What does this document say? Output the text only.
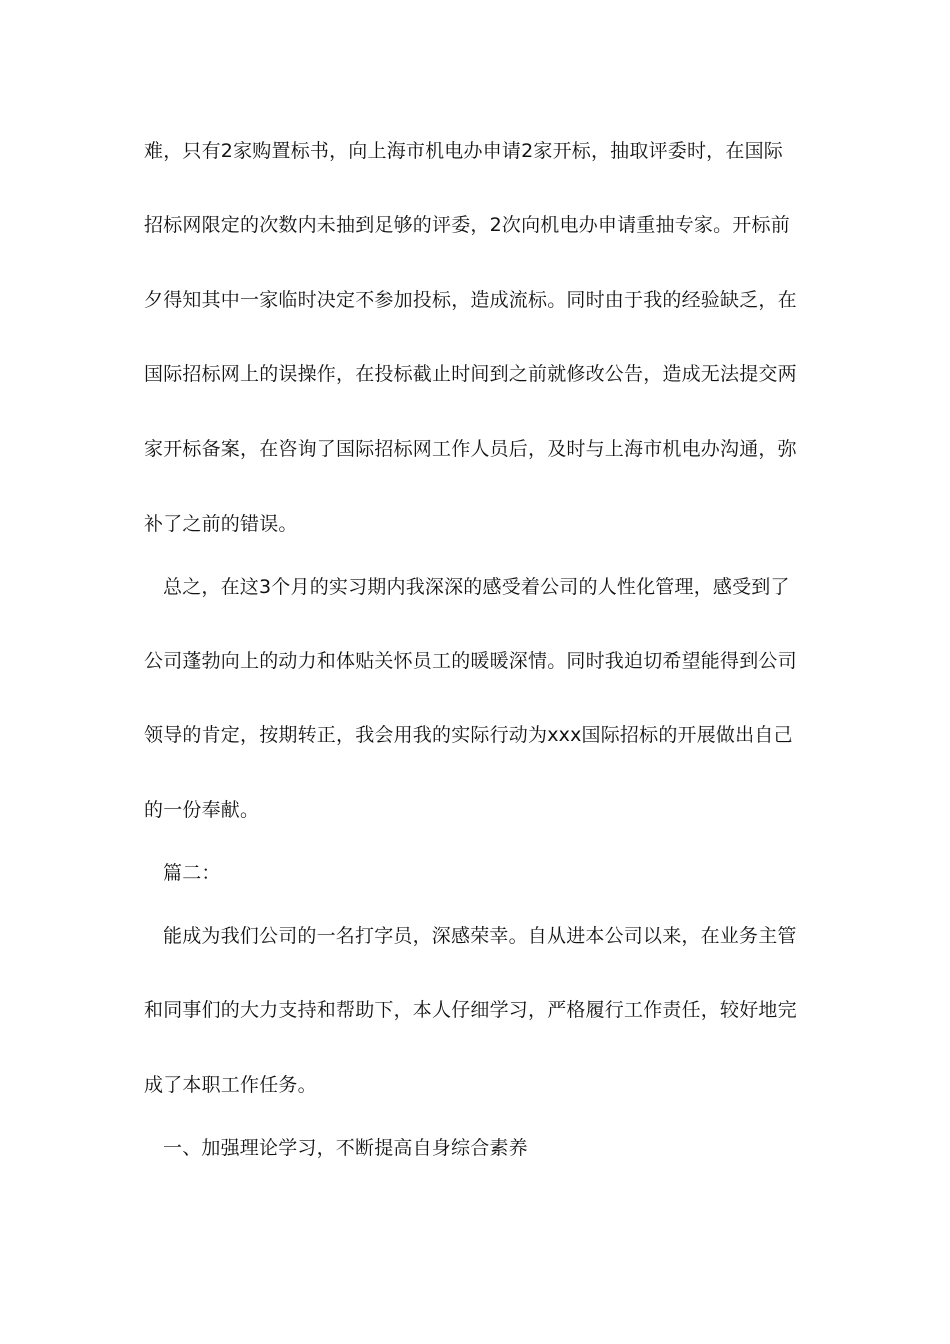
难，只有2家购置标书，向上海市机电办申请2家开标，抽取评委时，在国际
招标网限定的次数内未抽到足够的评委，2次向机电办申请重抽专家。开标前
夕得知其中一家临时决定不参加投标，造成流标。同时由于我的经验缺乏，在
国际招标网上的误操作，在投标截止时间到之前就修改公告，造成无法提交两
家开标备案，在咨询了国际招标网工作人员后，及时与上海市机电办沟通，弥
补了之前的错误。
总之，在这3个月的实习期内我深深的感受着公司的人性化管理，感受到了
公司蓬勃向上的动力和体贴关怀员工的暖暖深情。同时我迫切希望能得到公司
领导的肯定，按期转正，我会用我的实际行动为xxx国际招标的开展做出自己
的一份奉献。
篇二：
能成为我们公司的一名打字员，深感荣幸。自从进本公司以来，在业务主管
和同事们的大力支持和帮助下，本人仔细学习，严格履行工作责任，较好地完
成了本职工作任务。
一、加强理论学习，不断提高自身综合素养
